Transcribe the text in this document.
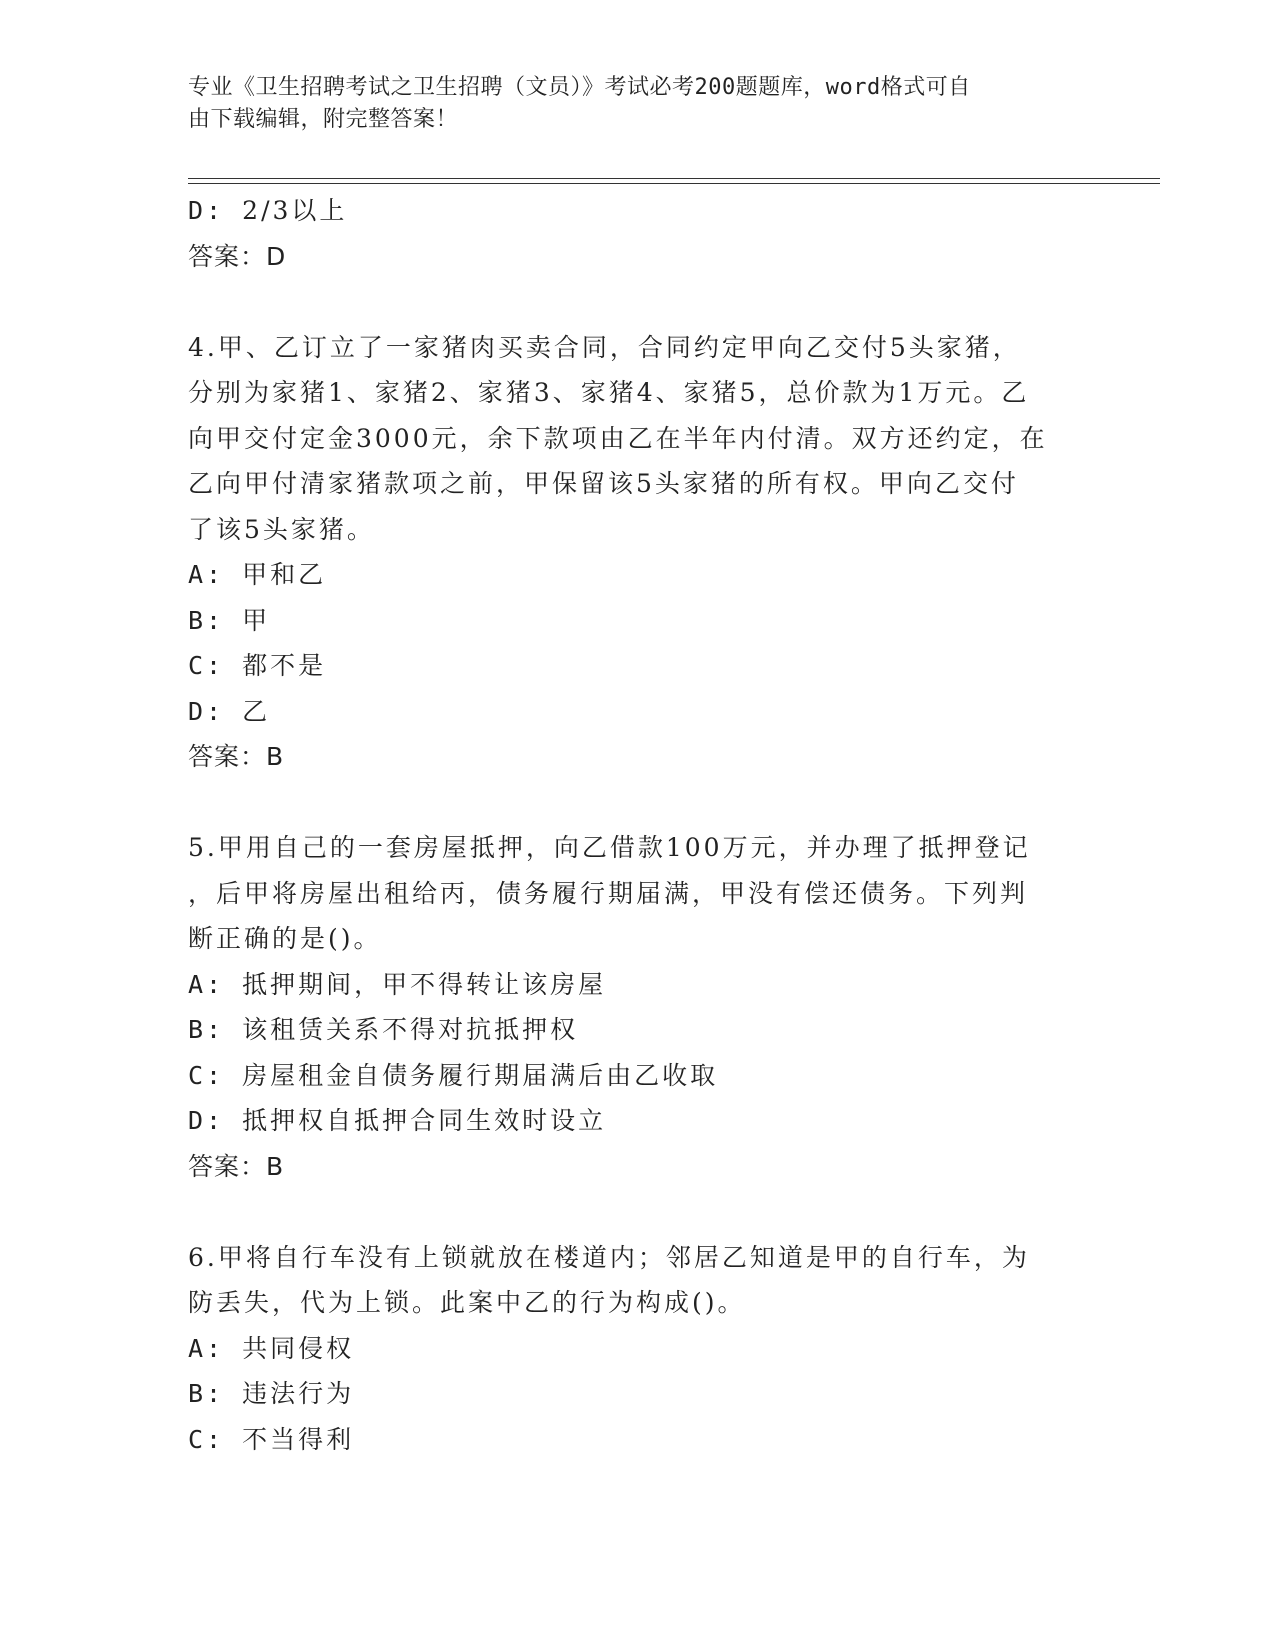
专业《卫生招聘考试之卫生招聘（文员）》考试必考200题题库，word格式可自
由下载编辑，附完整答案！
D: 2/3以上
答案：D
4.甲、乙订立了一家猪肉买卖合同，合同约定甲向乙交付5头家猪，
分别为家猪1、家猪2、家猪3、家猪4、家猪5，总价款为1万元。乙
向甲交付定金3000元，余下款项由乙在半年内付清。双方还约定，在
乙向甲付清家猪款项之前，甲保留该5头家猪的所有权。甲向乙交付
了该5头家猪。
A: 甲和乙
B: 甲
C: 都不是
D: 乙
答案：B
5.甲用自己的一套房屋抵押，向乙借款100万元，并办理了抵押登记
，后甲将房屋出租给丙，债务履行期届满，甲没有偿还债务。下列判
断正确的是()。
A: 抵押期间，甲不得转让该房屋
B: 该租赁关系不得对抗抵押权
C: 房屋租金自债务履行期届满后由乙收取
D: 抵押权自抵押合同生效时设立
答案：B
6.甲将自行车没有上锁就放在楼道内；邻居乙知道是甲的自行车，为
防丢失，代为上锁。此案中乙的行为构成()。
A: 共同侵权
B: 违法行为
C: 不当得利
